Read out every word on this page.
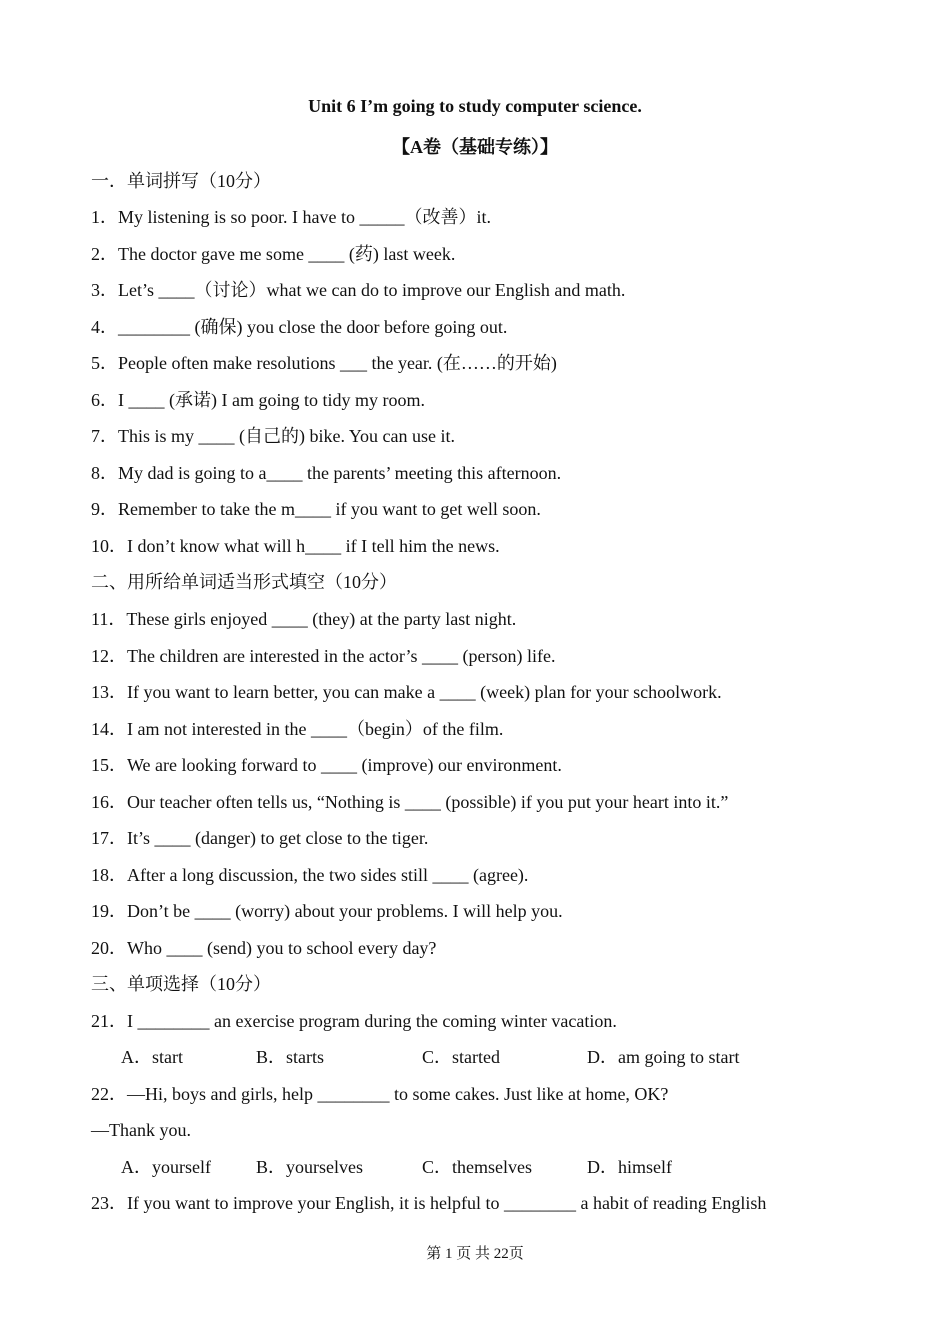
Unit 6 I’m going to study computer science.
【A卷（基础专练）】
一．单词拼写（10分）
1．My listening is so poor. I have to _____（改善）it.
2．The doctor gave me some ____ (药) last week.
3．Let’s ____（讨论）what we can do to improve our English and math.
4．________ (确保) you close the door before going out.
5．People often make resolutions ___ the year. (在……的开始)
6．I ____ (承诺) I am going to tidy my room.
7．This is my ____ (自己的) bike. You can use it.
8．My dad is going to a____ the parents’ meeting this afternoon.
9．Remember to take the m____ if you want to get well soon.
10．I don’t know what will h____ if I tell him the news.
二、用所给单词适当形式填空（10分）
11．These girls enjoyed ____ (they) at the party last night.
12．The children are interested in the actor’s ____ (person) life.
13．If you want to learn better, you can make a ____ (week) plan for your schoolwork.
14．I am not interested in the ____（begin）of the film.
15．We are looking forward to ____ (improve) our environment.
16．Our teacher often tells us, “Nothing is ____ (possible) if you put your heart into it.”
17．It’s ____ (danger) to get close to the tiger.
18．After a long discussion, the two sides still ____ (agree).
19．Don’t be ____ (worry) about your problems. I will help you.
20．Who ____ (send) you to school every day?
三、单项选择（10分）
21．I ________ an exercise program during the coming winter vacation.
A．start	B．starts	C．started	D．am going to start
22．—Hi, boys and girls, help ________ to some cakes. Just like at home, OK?
—Thank you.
A．yourself	B．yourselves	C．themselves	D．himself
23．If you want to improve your English, it is helpful to ________ a habit of reading English
第 1 页 共 22页
